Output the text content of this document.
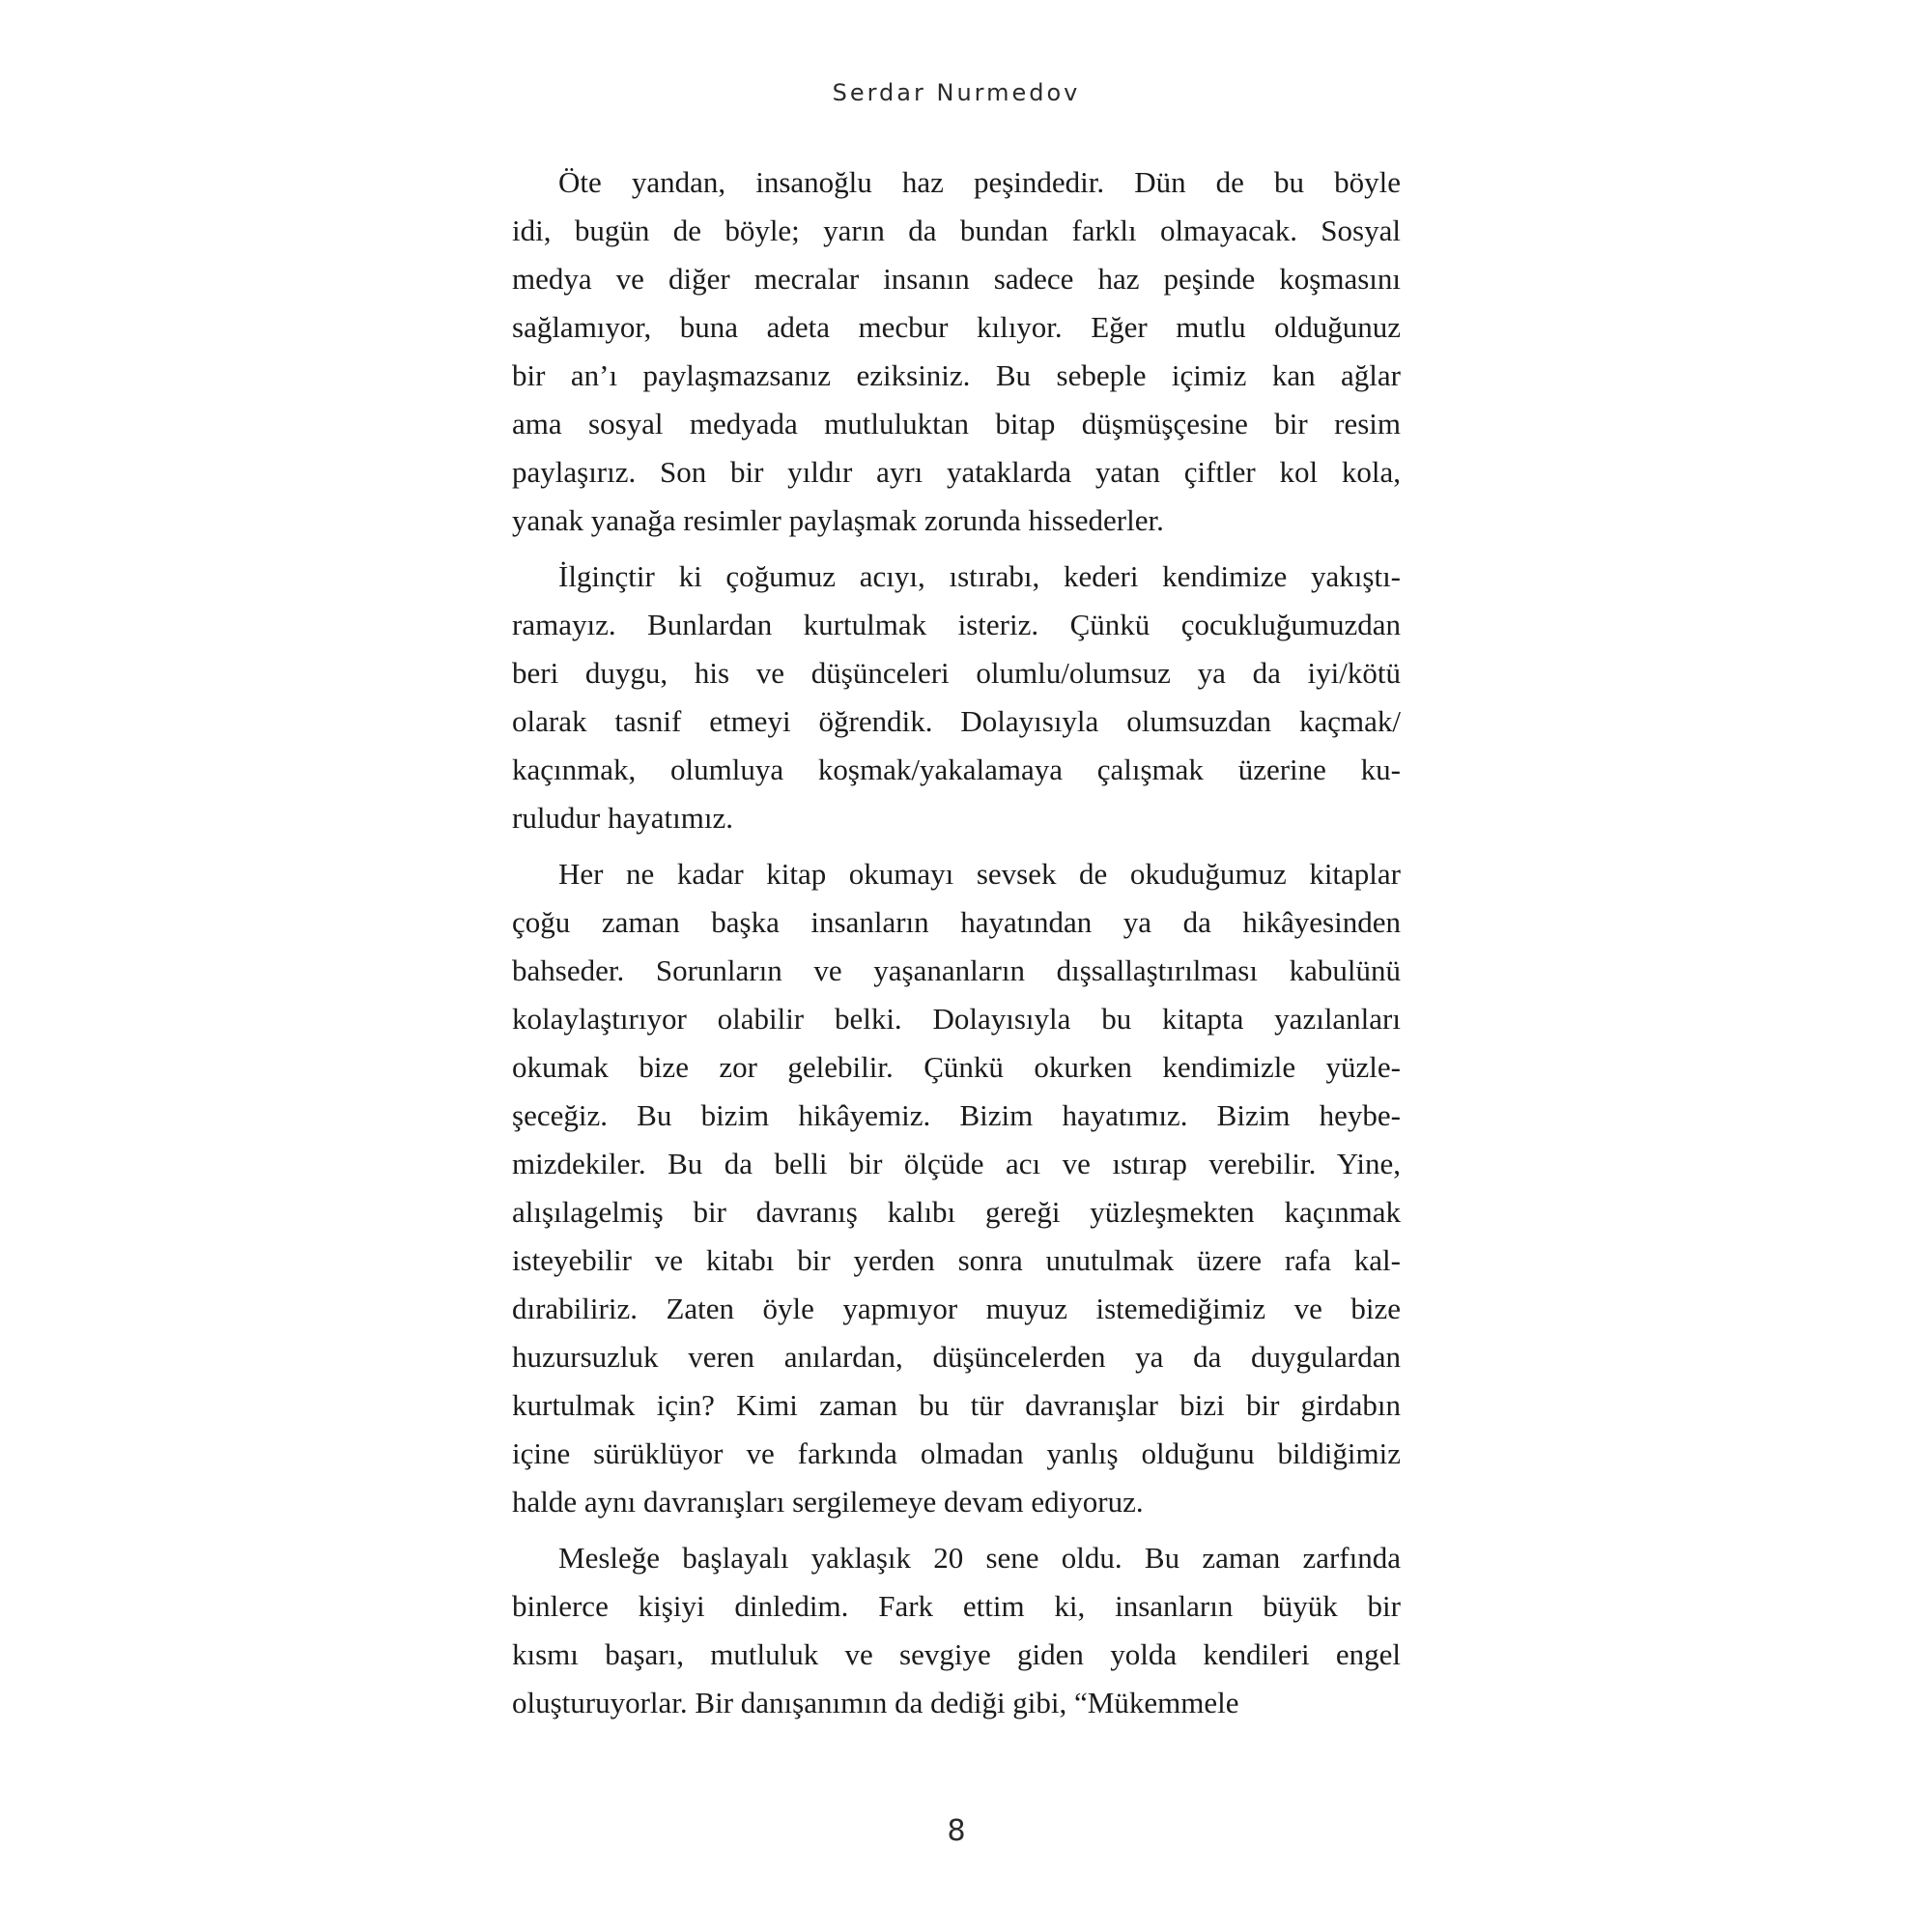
Serdar Nurmedov
Öte yandan, insanoğlu haz peşindedir. Dün de bu böyle
idi, bugün de böyle; yarın da bundan farklı olmayacak. Sosyal
medya ve diğer mecralar insanın sadece haz peşinde koşmasını
sağlamıyor, buna adeta mecbur kılıyor. Eğer mutlu olduğunuz
bir an’ı paylaşmazsanız eziksiniz. Bu sebeple içimiz kan ağlar
ama sosyal medyada mutluluktan bitap düşmüşçesine bir resim
paylaşırız. Son bir yıldır ayrı yataklarda yatan çiftler kol kola,
yanak yanağa resimler paylaşmak zorunda hissederler.
İlginçtir ki çoğumuz acıyı, ıstırabı, kederi kendimize yakıştı-
ramayız. Bunlardan kurtulmak isteriz. Çünkü çocukluğumuzdan
beri duygu, his ve düşünceleri olumlu/olumsuz ya da iyi/kötü
olarak tasnif etmeyi öğrendik. Dolayısıyla olumsuzdan kaçmak/
kaçınmak, olumluya koşmak/yakalamaya çalışmak üzerine ku-
ruludur hayatımız.
Her ne kadar kitap okumayı sevsek de okuduğumuz kitaplar
çoğu zaman başka insanların hayatından ya da hikâyesinden
bahseder. Sorunların ve yaşananların dışsallaştırılması kabulünü
kolaylaştırıyor olabilir belki. Dolayısıyla bu kitapta yazılanları
okumak bize zor gelebilir. Çünkü okurken kendimizle yüzle-
şeceğiz. Bu bizim hikâyemiz. Bizim hayatımız. Bizim heybe-
mizdekiler. Bu da belli bir ölçüde acı ve ıstırap verebilir. Yine,
alışılagelmiş bir davranış kalıbı gereği yüzleşmekten kaçınmak
isteyebilir ve kitabı bir yerden sonra unutulmak üzere rafa kal-
dırabiliriz. Zaten öyle yapmıyor muyuz istemediğimiz ve bize
huzursuzluk veren anılardan, düşüncelerden ya da duygulardan
kurtulmak için? Kimi zaman bu tür davranışlar bizi bir girdabın
içine sürüklüyor ve farkında olmadan yanlış olduğunu bildiğimiz
halde aynı davranışları sergilemeye devam ediyoruz.
Mesleğe başlayalı yaklaşık 20 sene oldu. Bu zaman zarfında
binlerce kişiyi dinledim. Fark ettim ki, insanların büyük bir
kısmı başarı, mutluluk ve sevgiye giden yolda kendileri engel
oluşturuyorlar. Bir danışanımın da dediği gibi, “Mükemmele
8
